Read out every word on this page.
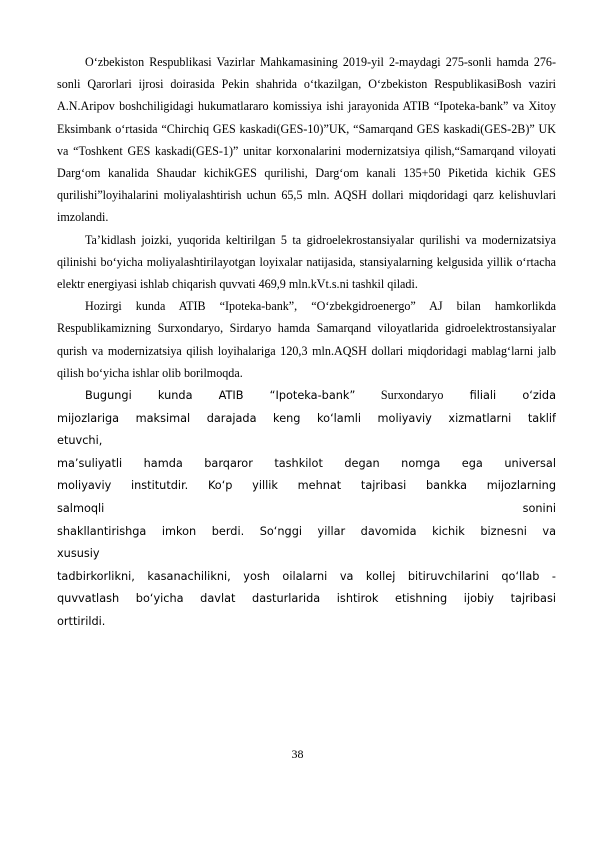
O‘zbekiston Respublikasi Vazirlar Mahkamasining 2019-yil 2-maydagi 275-sonli hamda 276-sonli Qarorlari ijrosi doirasida Pekin shahrida o‘tkazilgan, O‘zbekiston RespublikasiBosh vaziri A.N.Aripov boshchiligidagi hukumatlararo komissiya ishi jarayonida ATIB “Ipoteka-bank” va Xitoy Eksimbank o‘rtasida “Chirchiq GES kaskadi(GES-10)”UK, “Samarqand GES kaskadi(GES-2B)” UK va “Toshkent GES kaskadi(GES-1)” unitar korxonalarini modernizatsiya qilish,“Samarqand viloyati Darg‘om kanalida Shaudar kichikGES qurilishi, Darg‘om kanali 135+50 Piketida kichik GES qurilishi”loyihalarini moliyalashtirish uchun 65,5 mln. AQSH dollari miqdoridagi qarz kelishuvlari imzolandi.

Ta’kidlash joizki, yuqorida keltirilgan 5 ta gidroelekrostansiyalar qurilishi va modernizatsiya qilinishi bo‘yicha moliyalashtirilayotgan loyixalar natijasida, stansiyalarning kelgusida yillik o‘rtacha elektr energiyasi ishlab chiqarish quvvati 469,9 mln.kVt.s.ni tashkil qiladi.

Hozirgi kunda ATIB “Ipoteka-bank”, “O‘zbekgidroenergo” AJ bilan hamkorlikda Respublikamizning Surxondaryo, Sirdaryo hamda Samarqand viloyatlarida gidroelektrostansiyalar qurish va modernizatsiya qilish loyihalariga 120,3 mln.AQSH dollari miqdoridagi mablag‘larni jalb qilish bo‘yicha ishlar olib borilmoqda.

Bugungi kunda ATIB “Ipoteka-bank” Surxondaryo filiali o‘zida
mijozlariga maksimal darajada keng ko‘lamli moliyaviy xizmatlarni taklif
etuvchi,
ma’suliyatli hamda barqaror tashkilot degan nomga ega universal
moliyaviy institutdir. Ko‘p yillik mehnat tajribasi bankka mijozlarning
salmoqli sonini
shakllantirishga imkon berdi. So‘nggi yillar davomida kichik biznesni va
xususiy
tadbirkorlikni, kasanachilikni, yosh oilalarni va kollej bitiruvchilarini qo‘llab -
quvvatlash bo‘yicha davlat dasturlarida ishtirok etishning ijobiy tajribasi
orttirildi.
38
